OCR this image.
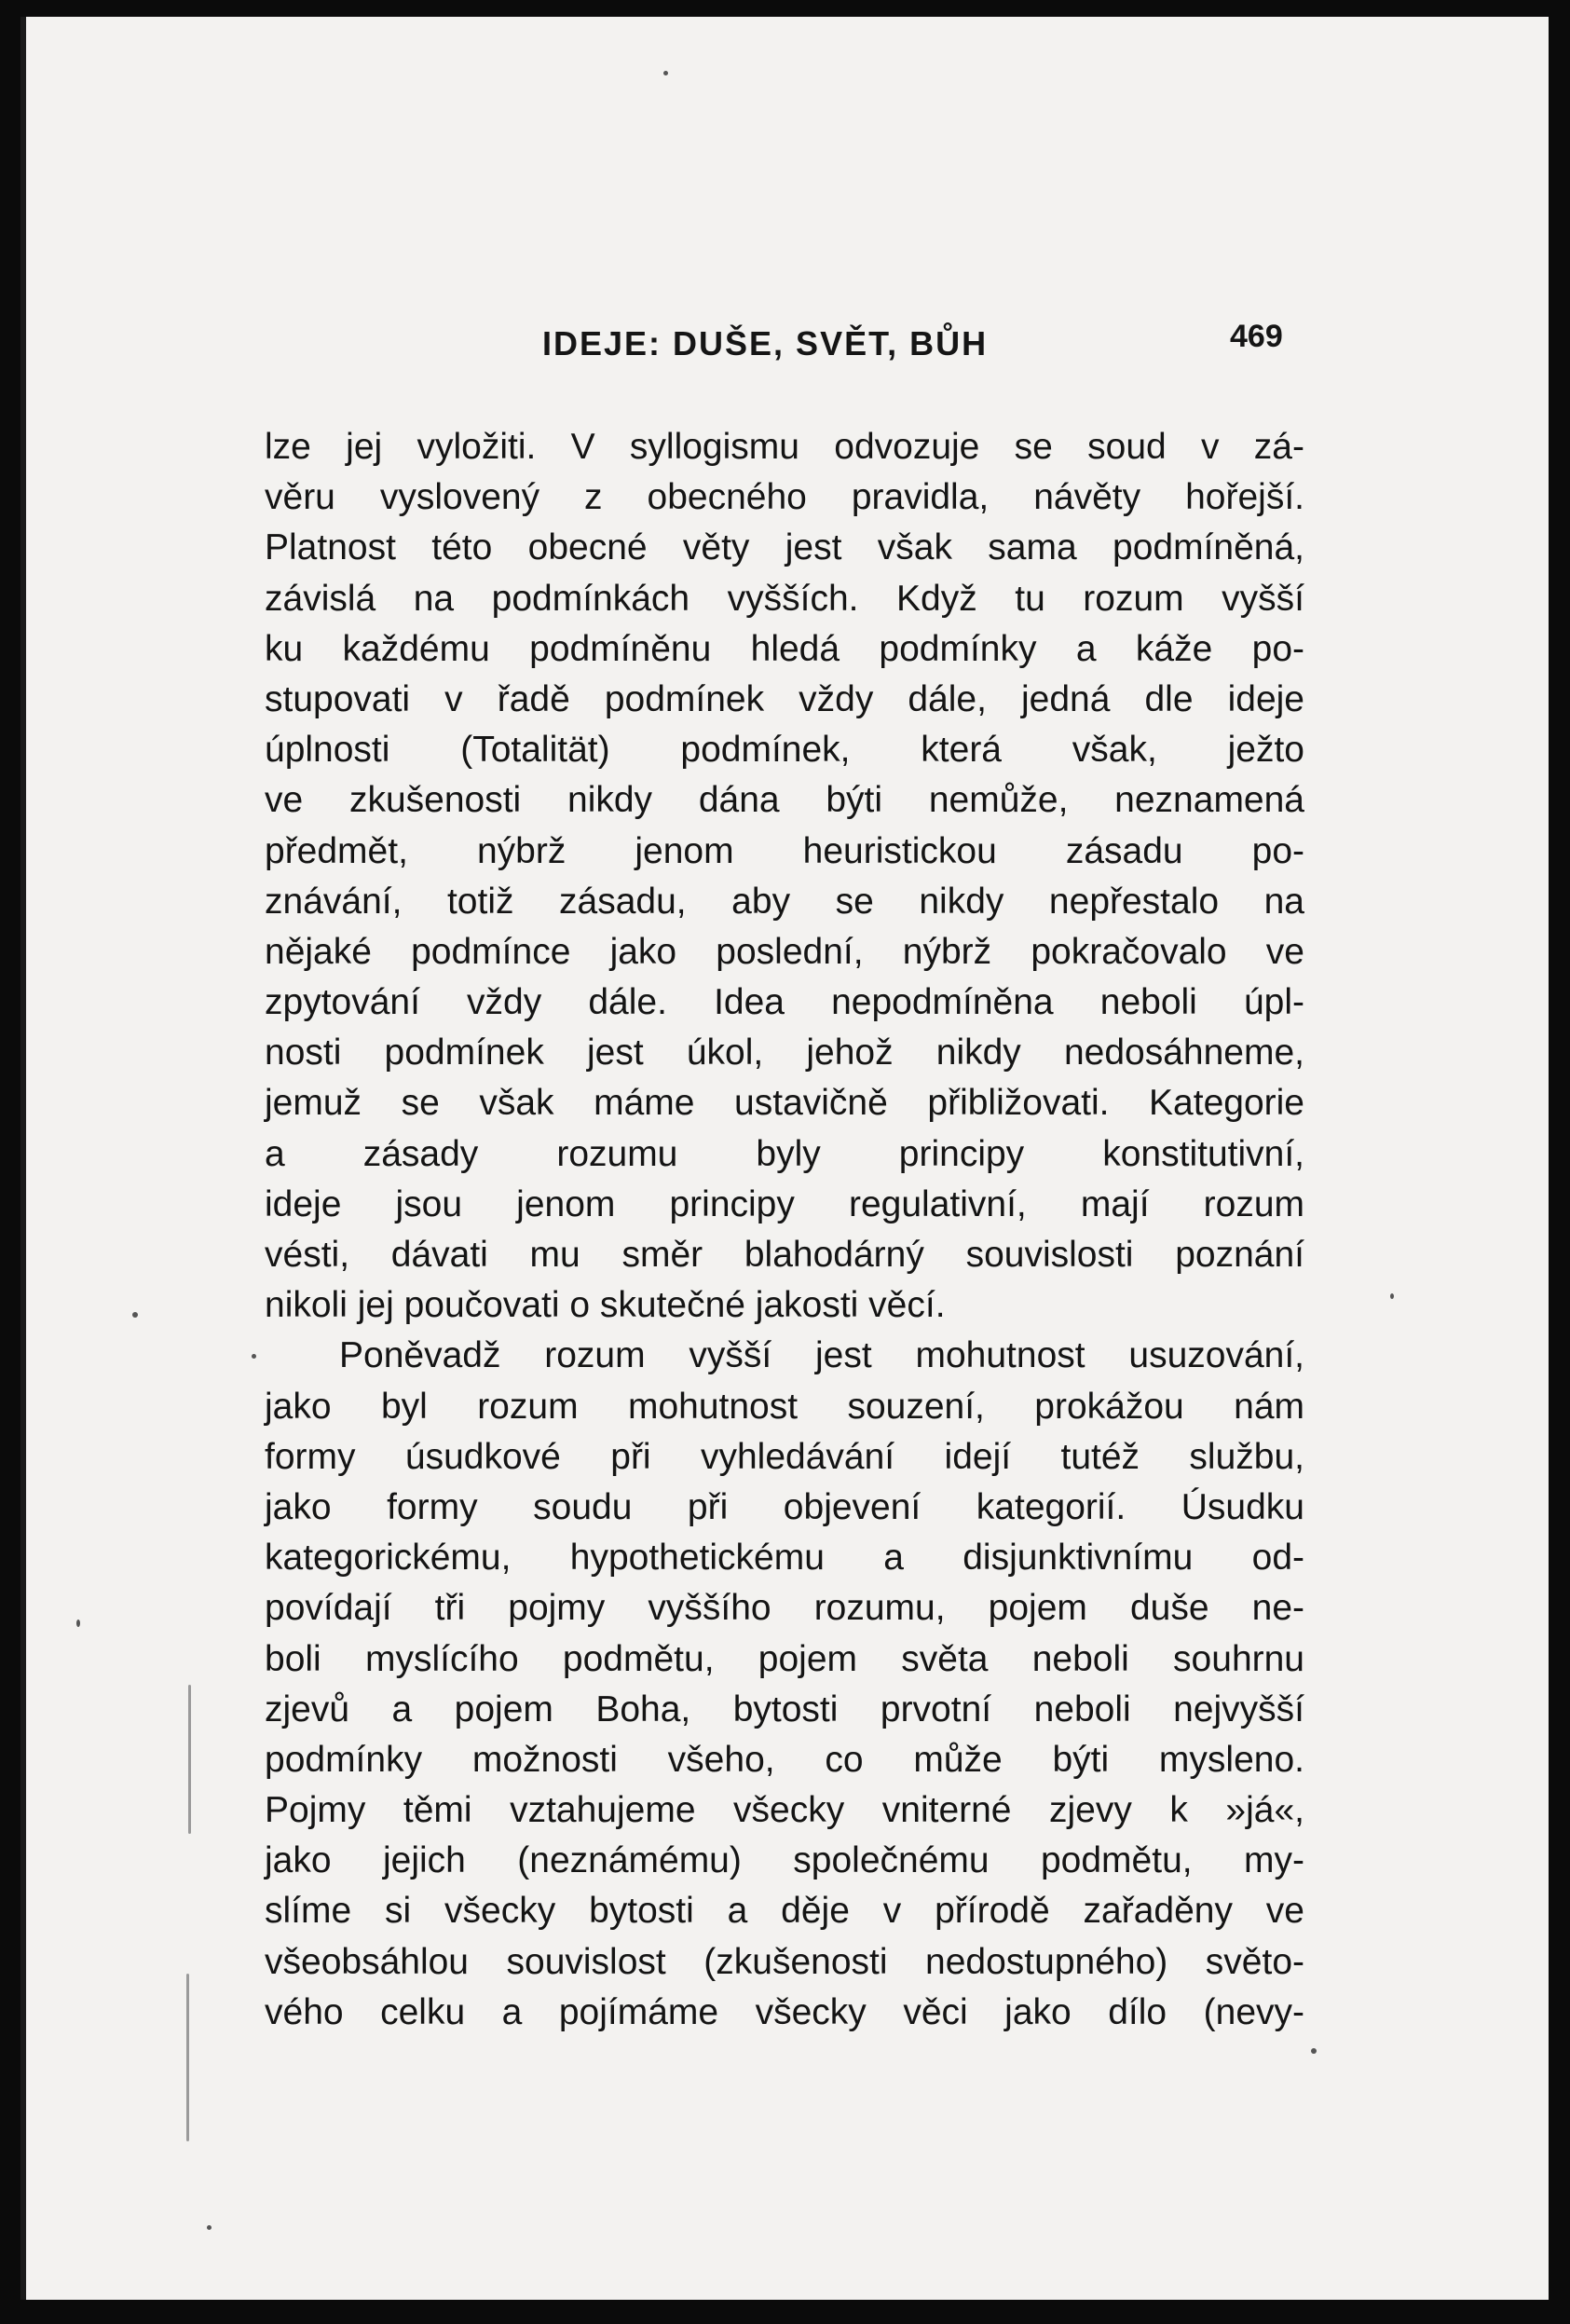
IDEJE: DUŠE, SVĚT, BŮH	469
lze jej vyložiti. V syllogismu odvozuje se soud v zá-
věru vyslovený z obecného pravidla, návěty hořejší.
Platnost této obecné věty jest však sama podmíněná,
závislá na podmínkách vyšších. Když tu rozum vyšší
ku každému podmíněnu hledá podmínky a káže po-
stupovati v řadě podmínek vždy dále, jedná dle ideje
úplnosti (Totalität) podmínek, která však, ježto
ve zkušenosti nikdy dána býti nemůže, neznamená
předmět, nýbrž jenom heuristickou zásadu po-
znávání, totiž zásadu, aby se nikdy nepřestalo na
nějaké podmínce jako poslední, nýbrž pokračovalo ve
zpytování vždy dále. Idea nepodmíněna neboli úpl-
nosti podmínek jest úkol, jehož nikdy nedosáhneme,
jemuž se však máme ustavičně přibližovati. Kategorie
a zásady rozumu byly principy konstitutivní,
ideje jsou jenom principy regulativní, mají rozum
vésti, dávati mu směr blahodárný souvislosti poznání
nikoli jej poučovati o skutečné jakosti věcí.
Poněvadž rozum vyšší jest mohutnost usuzování,
jako byl rozum mohutnost souzení, prokážou nám
formy úsudkové při vyhledávání idejí tutéž službu,
jako formy soudu při objevení kategorií. Úsudku
kategorickému, hypothetickému a disjunktivnímu od-
povídají tři pojmy vyššího rozumu, pojem duše ne-
boli myslícího podmětu, pojem světa neboli souhrnu
zjevů a pojem Boha, bytosti prvotní neboli nejvyšší
podmínky možnosti všeho, co může býti mysleno.
Pojmy těmi vztahujeme všecky vniterné zjevy k »já«,
jako jejich (neznámému) společnému podmětu, my-
slíme si všecky bytosti a děje v přírodě zařaděny ve
všeobsáhlou souvislost (zkušenosti nedostupného) světo-
vého celku a pojímáme všecky věci jako dílo (nevy-
